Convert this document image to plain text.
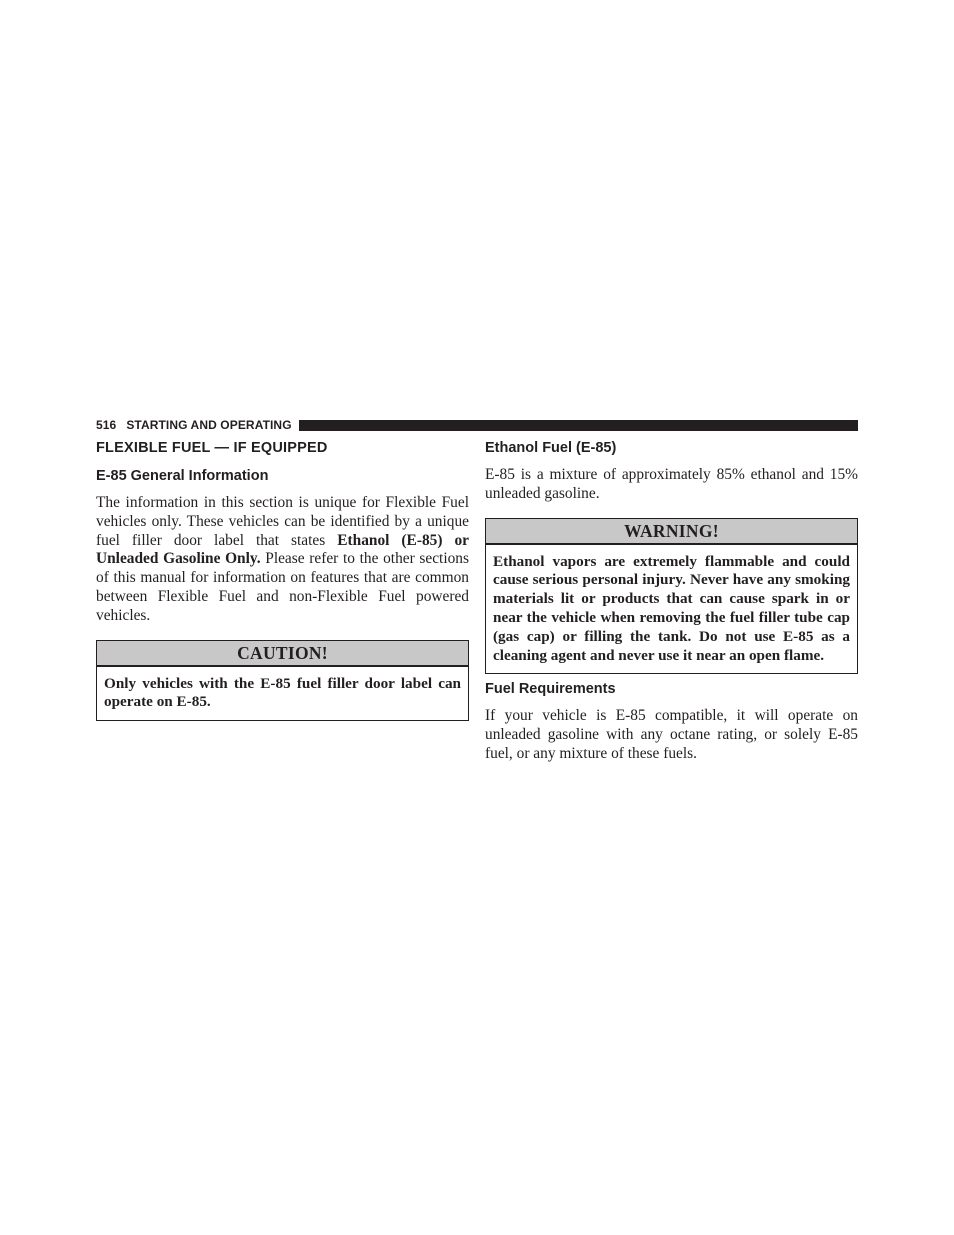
516 STARTING AND OPERATING
FLEXIBLE FUEL — IF EQUIPPED
E-85 General Information

The information in this section is unique for Flexible Fuel vehicles only. These vehicles can be identified by a unique fuel filler door label that states Ethanol (E-85) or Unleaded Gasoline Only. Please refer to the other sections of this manual for information on features that are common between Flexible Fuel and non-Flexible Fuel powered vehicles.

CAUTION!
Only vehicles with the E-85 fuel filler door label can operate on E-85.
Ethanol Fuel (E-85)

E-85 is a mixture of approximately 85% ethanol and 15% unleaded gasoline.

WARNING!
Ethanol vapors are extremely flammable and could cause serious personal injury. Never have any smoking materials lit or products that can cause spark in or near the vehicle when removing the fuel filler tube cap (gas cap) or filling the tank. Do not use E-85 as a cleaning agent and never use it near an open flame.
Fuel Requirements

If your vehicle is E-85 compatible, it will operate on unleaded gasoline with any octane rating, or solely E-85 fuel, or any mixture of these fuels.
